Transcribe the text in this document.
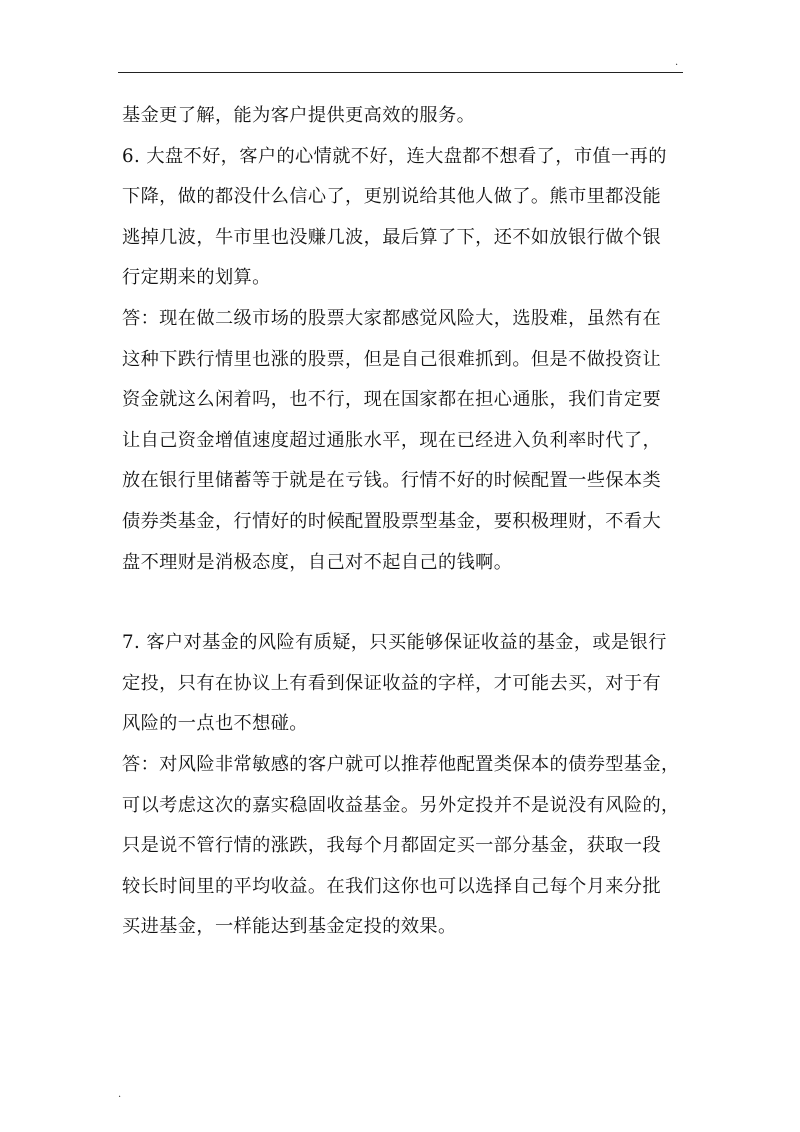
.
基金更了解，能为客户提供更高效的服务。
6. 大盘不好，客户的心情就不好，连大盘都不想看了，市值一再的
下降，做的都没什么信心了，更别说给其他人做了。熊市里都没能
逃掉几波，牛市里也没赚几波，最后算了下，还不如放银行做个银
行定期来的划算。
答：现在做二级市场的股票大家都感觉风险大，选股难，虽然有在
这种下跌行情里也涨的股票，但是自己很难抓到。但是不做投资让
资金就这么闲着吗，也不行，现在国家都在担心通胀，我们肯定要
让自己资金增值速度超过通胀水平，现在已经进入负利率时代了，
放在银行里储蓄等于就是在亏钱。行情不好的时候配置一些保本类
债券类基金，行情好的时候配置股票型基金，要积极理财，不看大
盘不理财是消极态度，自己对不起自己的钱啊。
7. 客户对基金的风险有质疑，只买能够保证收益的基金，或是银行
定投，只有在协议上有看到保证收益的字样，才可能去买，对于有
风险的一点也不想碰。
答：对风险非常敏感的客户就可以推荐他配置类保本的债券型基金，
可以考虑这次的嘉实稳固收益基金。另外定投并不是说没有风险的，
只是说不管行情的涨跌，我每个月都固定买一部分基金，获取一段
较长时间里的平均收益。在我们这你也可以选择自己每个月来分批
买进基金，一样能达到基金定投的效果。
.
